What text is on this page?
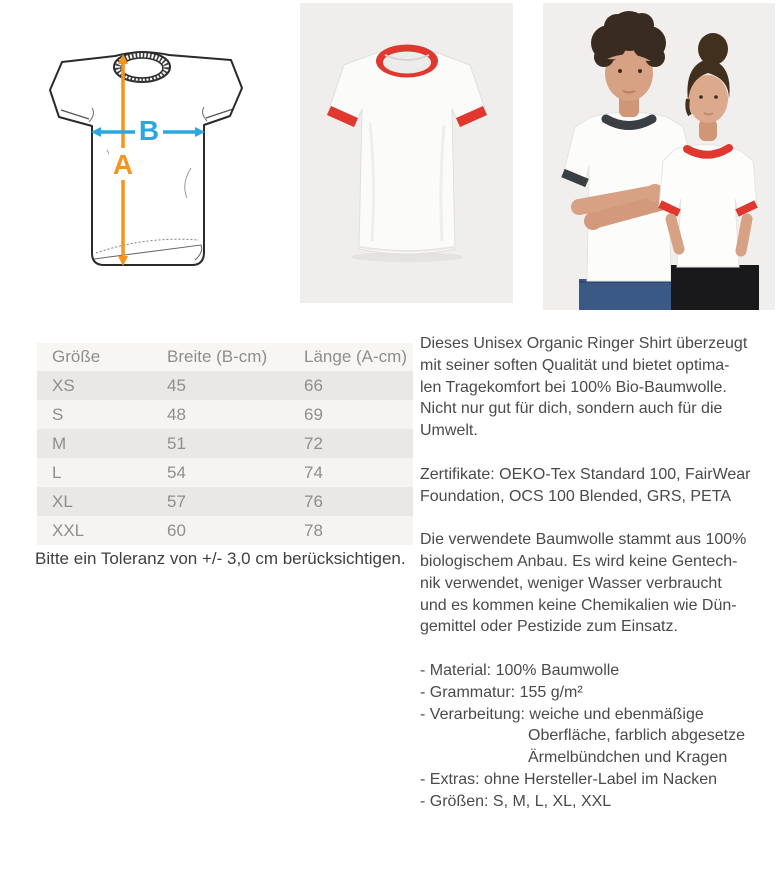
A
B
Größe	Breite (B-cm)	Länge (A-cm)
XS	45	66
S	48	69
M	51	72
L	54	74
XL	57	76
XXL	60	78
Bitte ein Toleranz von +/- 3,0 cm berücksichtigen.
Dieses Unisex Organic Ringer Shirt überzeugt
mit seiner soften Qualität und bietet optima-
len Tragekomfort bei 100% Bio-Baumwolle.
Nicht nur gut für dich, sondern auch für die
Umwelt.
Zertifikate: OEKO-Tex Standard 100, FairWear
Foundation, OCS 100 Blended, GRS, PETA
Die verwendete Baumwolle stammt aus 100%
biologischem Anbau. Es wird keine Gentech-
nik verwendet, weniger Wasser verbraucht
und es kommen keine Chemikalien wie Dün-
gemittel oder Pestizide zum Einsatz.
- Material: 100% Baumwolle
- Grammatur: 155 g/m²
- Verarbeitung: weiche und ebenmäßige
Oberfläche, farblich abgesetze
Ärmelbündchen und Kragen
- Extras: ohne Hersteller-Label im Nacken
- Größen: S, M, L, XL, XXL
